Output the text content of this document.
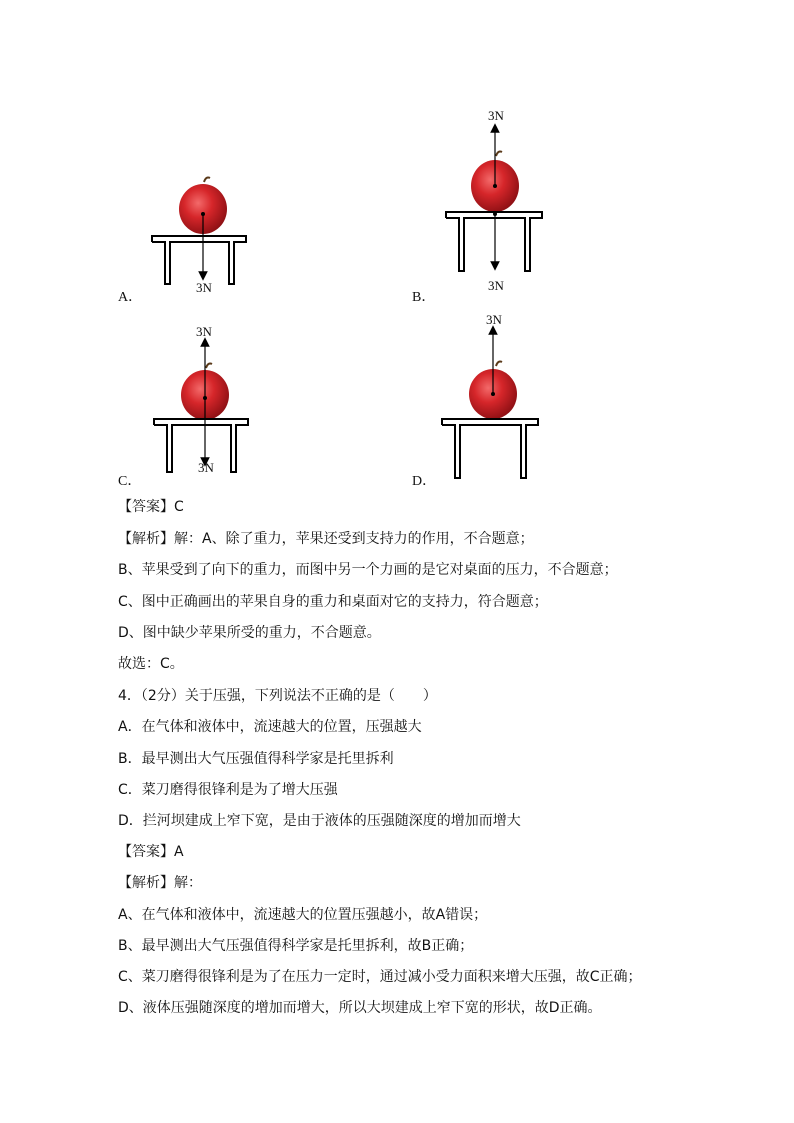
A．
3N
3N
B．
3N
3N
C．
3N
3N
D．
【答案】C
【解析】解：A、除了重力，苹果还受到支持力的作用，不合题意；
B、苹果受到了向下的重力，而图中另一个力画的是它对桌面的压力，不合题意；
C、图中正确画出的苹果自身的重力和桌面对它的支持力，符合题意；
D、图中缺少苹果所受的重力，不合题意。
故选：C。
4．（2分）关于压强，下列说法不正确的是（　　）
A．在气体和液体中，流速越大的位置，压强越大
B．最早测出大气压强值得科学家是托里拆利
C．菜刀磨得很锋利是为了增大压强
D．拦河坝建成上窄下宽，是由于液体的压强随深度的增加而增大
【答案】A
【解析】解：
A、在气体和液体中，流速越大的位置压强越小，故A错误；
B、最早测出大气压强值得科学家是托里拆利，故B正确；
C、菜刀磨得很锋利是为了在压力一定时，通过减小受力面积来增大压强，故C正确；
D、液体压强随深度的增加而增大，所以大坝建成上窄下宽的形状，故D正确。
